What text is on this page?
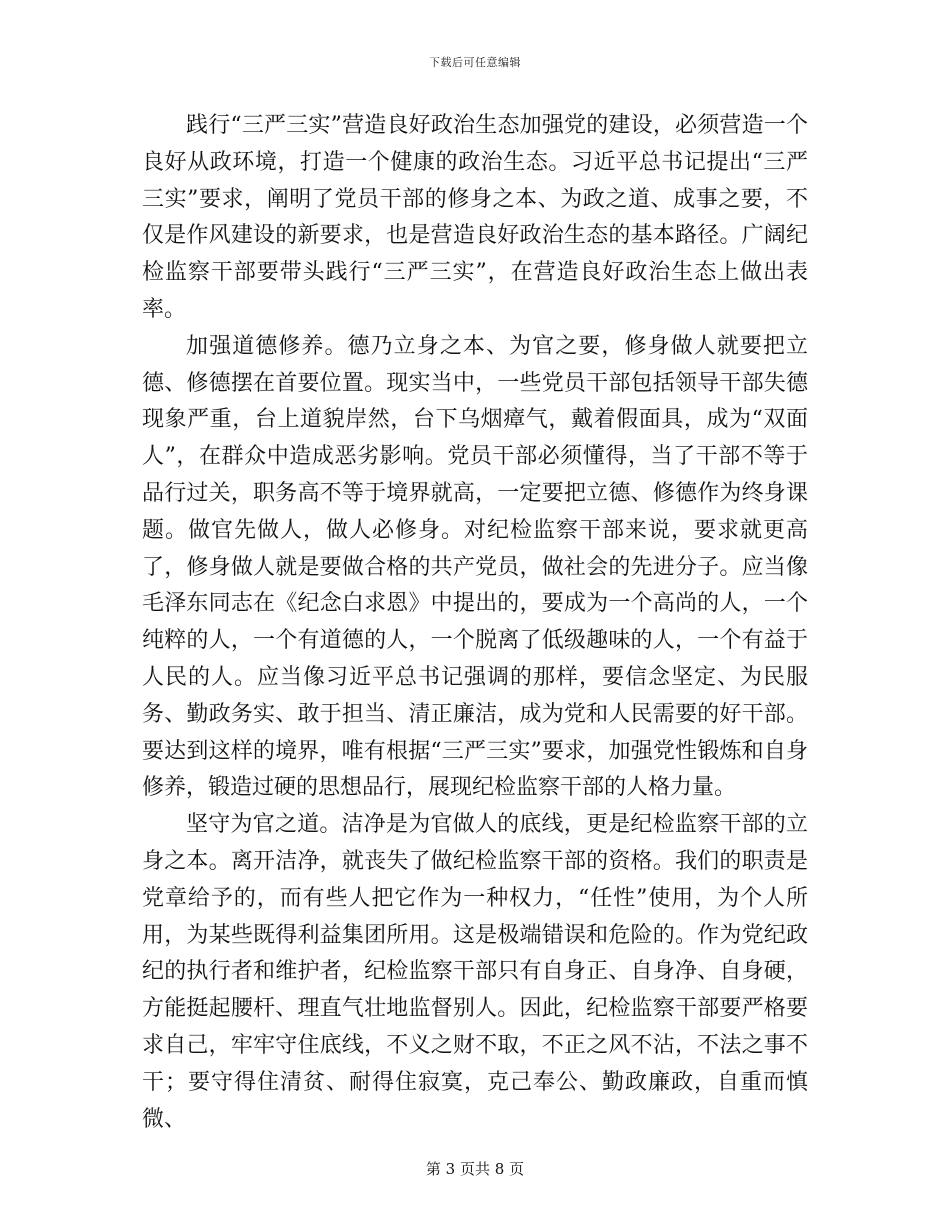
下载后可任意编辑

践行“三严三实”营造良好政治生态加强党的建设，必须营造一个良好从政环境，打造一个健康的政治生态。习近平总书记提出“三严三实”要求，阐明了党员干部的修身之本、为政之道、成事之要，不仅是作风建设的新要求，也是营造良好政治生态的基本路径。广阔纪检监察干部要带头践行“三严三实”，在营造良好政治生态上做出表率。

加强道德修养。德乃立身之本、为官之要，修身做人就要把立德、修德摆在首要位置。现实当中，一些党员干部包括领导干部失德现象严重，台上道貌岸然，台下乌烟瘴气，戴着假面具，成为“双面人”，在群众中造成恶劣影响。党员干部必须懂得，当了干部不等于品行过关，职务高不等于境界就高，一定要把立德、修德作为终身课题。做官先做人，做人必修身。对纪检监察干部来说，要求就更高了，修身做人就是要做合格的共产党员，做社会的先进分子。应当像毛泽东同志在《纪念白求恩》中提出的，要成为一个高尚的人，一个纯粹的人，一个有道德的人，一个脱离了低级趣味的人，一个有益于人民的人。应当像习近平总书记强调的那样，要信念坚定、为民服务、勤政务实、敢于担当、清正廉洁，成为党和人民需要的好干部。要达到这样的境界，唯有根据“三严三实”要求，加强党性锻炼和自身修养，锻造过硬的思想品行，展现纪检监察干部的人格力量。

坚守为官之道。洁净是为官做人的底线，更是纪检监察干部的立身之本。离开洁净，就丧失了做纪检监察干部的资格。我们的职责是党章给予的，而有些人把它作为一种权力，“任性”使用，为个人所用，为某些既得利益集团所用。这是极端错误和危险的。作为党纪政纪的执行者和维护者，纪检监察干部只有自身正、自身净、自身硬，方能挺起腰杆、理直气壮地监督别人。因此，纪检监察干部要严格要求自己，牢牢守住底线，不义之财不取，不正之风不沾，不法之事不干；要守得住清贫、耐得住寂寞，克己奉公、勤政廉政，自重而慎微、

第 3 页共 8 页
